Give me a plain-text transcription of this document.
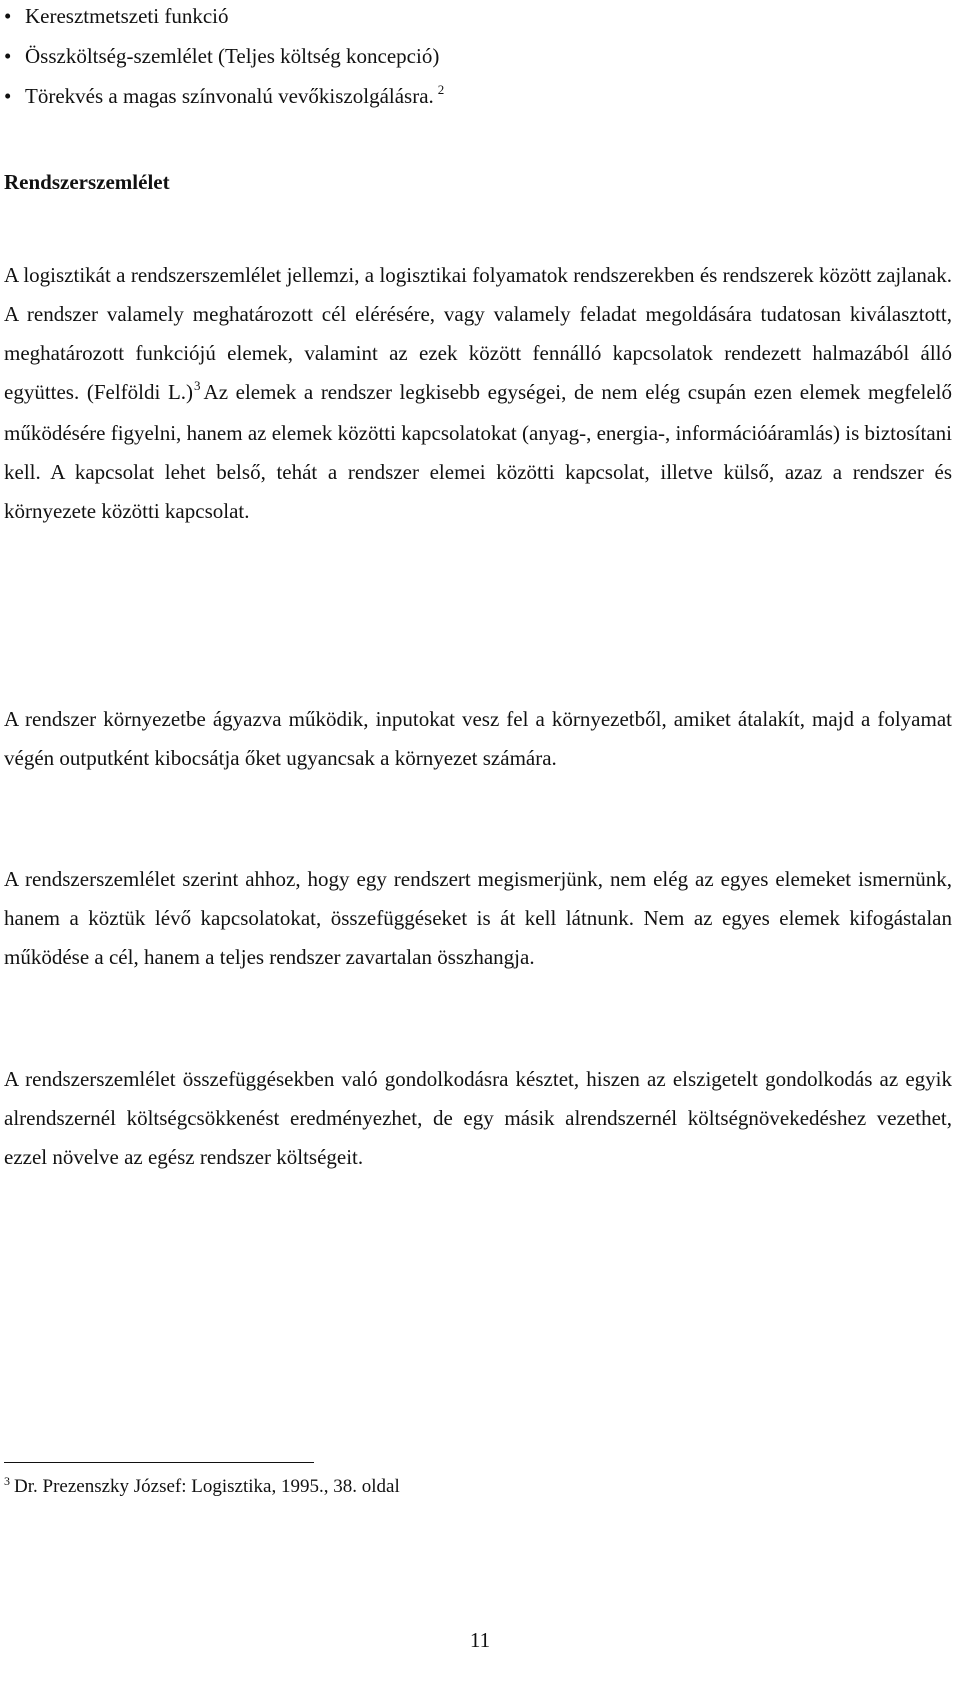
• Keresztmetszeti funkció
• Összköltség-szemlélet (Teljes költség koncepció)
• Törekvés a magas színvonalú vevőkiszolgálásra. $^2$
Rendszerszemlélet

A logisztikát a rendszerszemlélet jellemzi, a logisztikai folyamatok rendszerekben és rendszerek között zajlanak. A rendszer valamely meghatározott cél elérésére, vagy valamely feladat megoldására tudatosan kiválasztott, meghatározott funkciójú elemek, valamint az ezek között fennálló kapcsolatok rendezett halmazából álló együttes. (Felföldi L.)$^3$ Az elemek a rendszer legkisebb egységei, de nem elég csupán ezen elemek megfelelő működésére figyelni, hanem az elemek közötti kapcsolatokat (anyag-, energia-, információáramlás) is biztosítani kell. A kapcsolat lehet belső, tehát a rendszer elemei közötti kapcsolat, illetve külső, azaz a rendszer és környezete közötti kapcsolat.

A rendszer környezetbe ágyazva működik, inputokat vesz fel a környezetből, amiket átalakít, majd a folyamat végén outputként kibocsátja őket ugyancsak a környezet számára.

A rendszerszemlélet szerint ahhoz, hogy egy rendszert megismerjünk, nem elég az egyes elemeket ismernünk, hanem a köztük lévő kapcsolatokat, összefüggéseket is át kell látnunk. Nem az egyes elemek kifogástalan működése a cél, hanem a teljes rendszer zavartalan összhangja.

A rendszerszemlélet összefüggésekben való gondolkodásra késztet, hiszen az elszigetelt gondolkodás az egyik alrendszernél költségcsökkenést eredményezhet, de egy másik alrendszernél költségnövekedéshez vezethet, ezzel növelve az egész rendszer költségeit.

$^3$ Dr. Prezenszky József: Logisztika, 1995., 38. oldal

11
